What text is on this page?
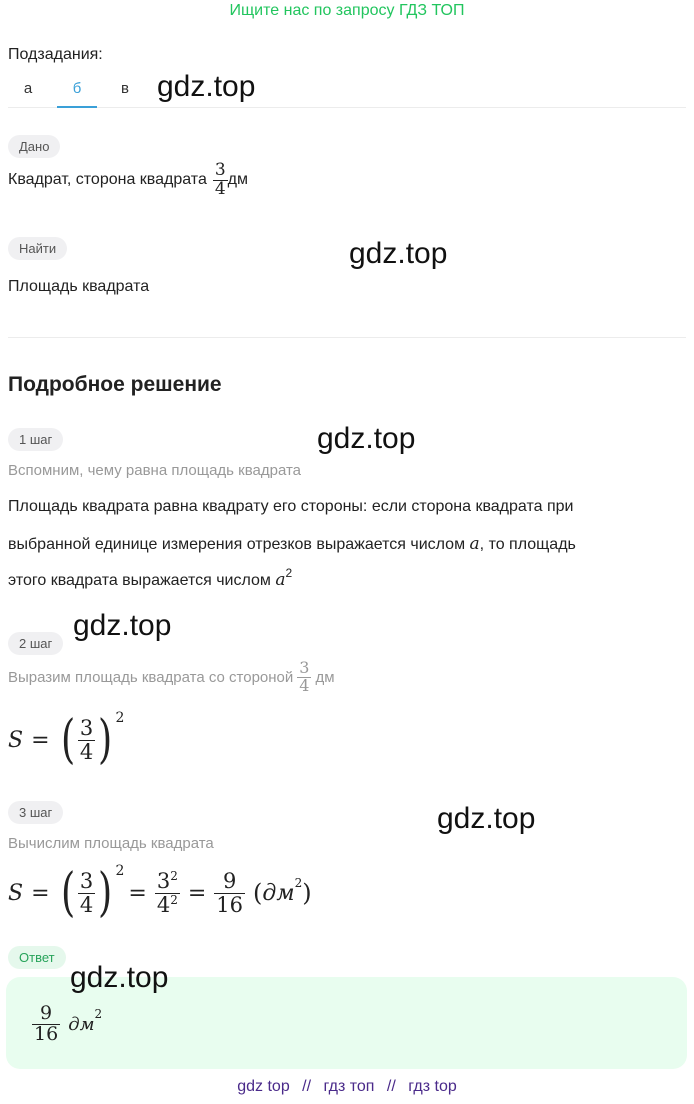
Ищите нас по запросу ГДЗ ТОП
Подзадания:
а	б	в gdz.top
gdz.top
gdz.top
gdz.top
gdz.top
gdz.top
Дано
Квадрат, сторона квадрата $\frac{3}{4}$ дм
Найти
Площадь квадрата
Подробное решение
1 шаг
Вспомним, чему равна площадь квадрата
Площадь квадрата равна квадрату его стороны: если сторона квадрата при
выбранной единице измерения отрезков выражается числом a, то площадь
этого квадрата выражается числом $a^2$
2 шаг
Выразим площадь квадрата со стороной $\frac{3}{4}$ дм
S = ( $\frac{3}{4}$ ) 2
3 шаг
Вычислим площадь квадрата
S = ( $\frac{3}{4}$ ) 2
= $\frac{3^2}{4^2} = \frac{9}{16}$ ( дм 2 )
Ответ
$\frac{9}{16}$ дм 2
gdz top // гдз топ // гдз top
